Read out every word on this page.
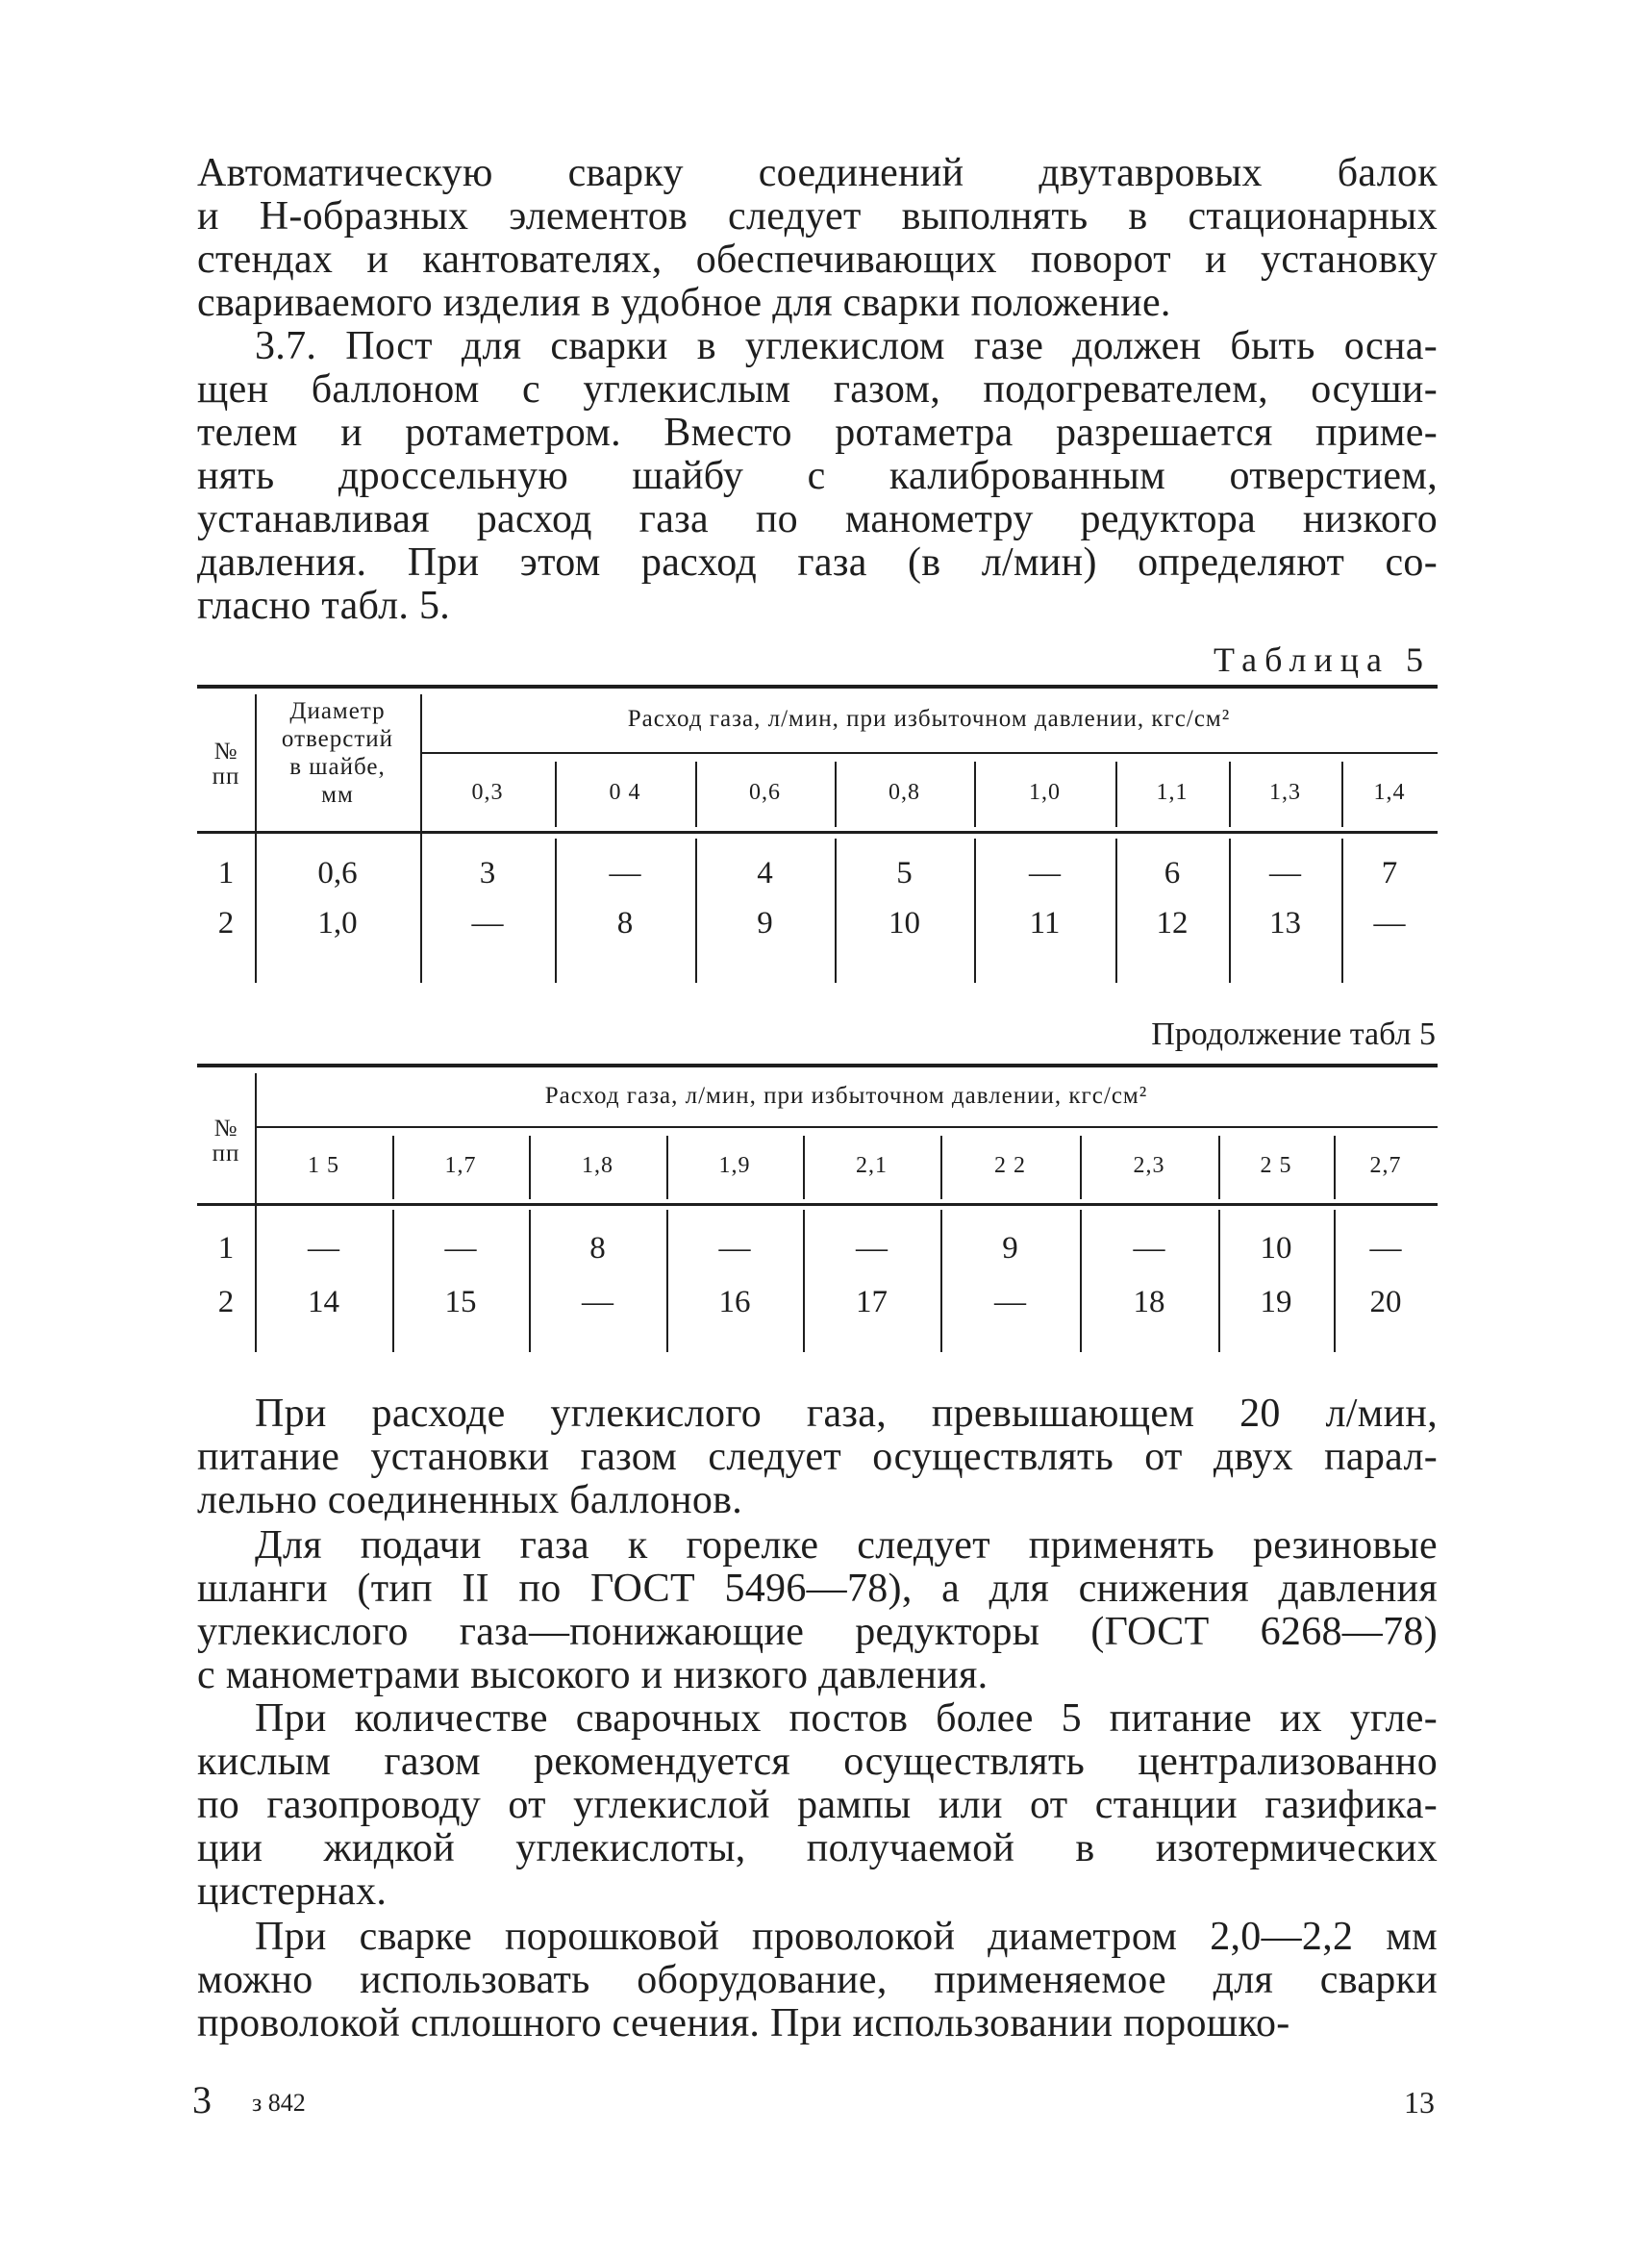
Автоматическую сварку соединений двутавровых балок
и Н-образных элементов следует выполнять в стационарных
стендах и кантователях, обеспечивающих поворот и установку
свариваемого изделия в удобное для сварки положение.
3.7. Пост для сварки в углекислом газе должен быть осна-
щен баллоном с углекислым газом, подогревателем, осуши-
телем и ротаметром. Вместо ротаметра разрешается приме-
нять дроссельную шайбу с калиброванным отверстием,
устанавливая расход газа по манометру редуктора низкого
давления. При этом расход газа (в л/мин) определяют со-
гласно табл. 5.
Таблица 5
№
пп
Диаметр
отверстий
в шайбе,
мм
Расход газа, л/мин, при избыточном давлении, кгс/см²
0,3	0 4	0,6	0,8	1,0	1,1	1,3	1,4
1	0,6	3	—	4	5	—	6	—	7
2	1,0	—	8	9	10	11	12	13	—
Продолжение табл 5
№
пп
Расход газа, л/мин, при избыточном давлении, кгс/см²
1 5	1,7	1,8	1,9	2,1	2 2	2,3	2 5	2,7
1	—	—	8	—	—	9	—	10	—
2	14	15	—	16	17	—	18	19	20
При расходе углекислого газа, превышающем 20 л/мин,
питание установки газом следует осуществлять от двух парал-
лельно соединенных баллонов.
Для подачи газа к горелке следует применять резиновые
шланги (тип II по ГОСТ 5496—78), а для снижения давления
углекислого газа—понижающие редукторы (ГОСТ 6268—78)
с манометрами высокого и низкого давления.
При количестве сварочных постов более 5 питание их угле-
кислым газом рекомендуется осуществлять централизованно
по газопроводу от углекислой рампы или от станции газифика-
ции жидкой углекислоты, получаемой в изотермических
цистернах.
При сварке порошковой проволокой диаметром 2,0—2,2 мм
можно использовать оборудование, применяемое для сварки
проволокой сплошного сечения. При использовании порошко-
3 з 842	13
